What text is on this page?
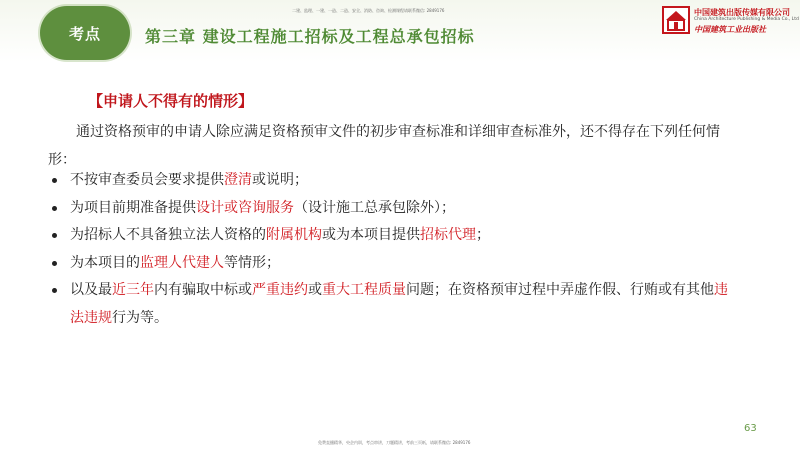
考点	第三章 建设工程施工招标及工程总承包招标
二建、监理、一建、一造、二造、安全、消防、咨询、检测课程请联系微信: 2849176	中国建筑出版传媒有限公司
China Architecture Publishing & Media Co., Ltd
中国建筑工业出版社
【申请人不得有的情形】
通过资格预审的申请人除应满足资格预审文件的初步审查标准和详细审查标准外，还不得存在下列任何情形：
不按审查委员会要求提供澄清或说明；
为项目前期准备提供设计或咨询服务（设计施工总承包除外）；
为招标人不具备独立法人资格的附属机构或为本项目提供招标代理；
为本项目的监理人代建人等情形；
以及最近三年内有骗取中标或严重违约或重大工程质量问题；在资格预审过程中弄虚作假、行贿或有其他违法违规行为等。
63
免费直播精华，央企内训，考点串讲，刀题精讲，考前三页纸，请联系微信: 2849176
